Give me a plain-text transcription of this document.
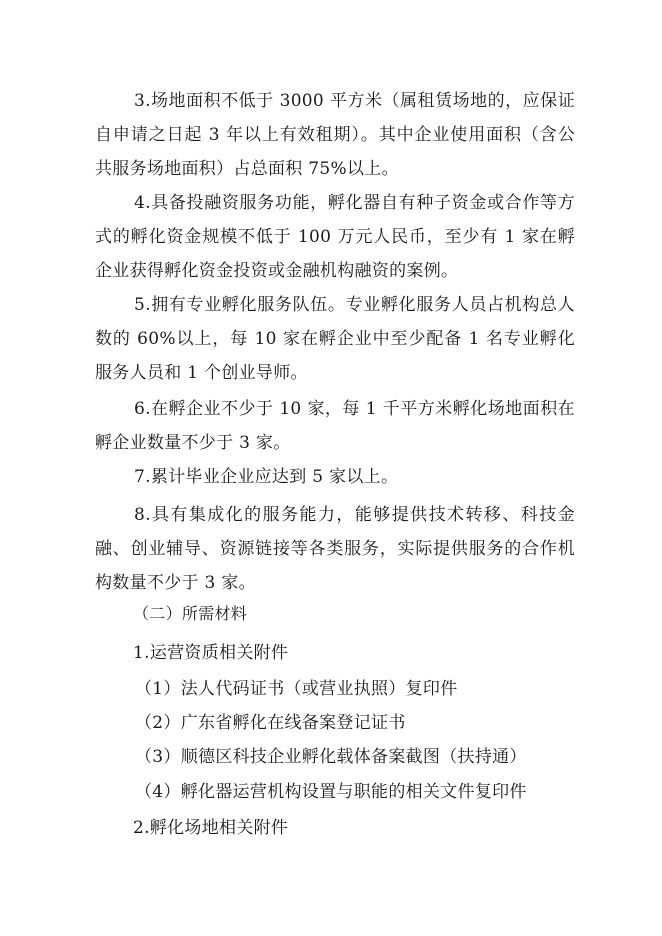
3.场地面积不低于 3000 平方米（属租赁场地的，应保证自申请之日起 3 年以上有效租期）。其中企业使用面积（含公共服务场地面积）占总面积 75%以上。

4.具备投融资服务功能，孵化器自有种子资金或合作等方式的孵化资金规模不低于 100 万元人民币，至少有 1 家在孵企业获得孵化资金投资或金融机构融资的案例。

5.拥有专业孵化服务队伍。专业孵化服务人员占机构总人数的 60%以上，每 10 家在孵企业中至少配备 1 名专业孵化服务人员和 1 个创业导师。

6.在孵企业不少于 10 家，每 1 千平方米孵化场地面积在孵企业数量不少于 3 家。

7.累计毕业企业应达到 5 家以上。

8.具有集成化的服务能力，能够提供技术转移、科技金融、创业辅导、资源链接等各类服务，实际提供服务的合作机构数量不少于 3 家。

（二）所需材料
1.运营资质相关附件
（1）法人代码证书（或营业执照）复印件
（2）广东省孵化在线备案登记证书
（3）顺德区科技企业孵化载体备案截图（扶持通）
（4）孵化器运营机构设置与职能的相关文件复印件
2.孵化场地相关附件
